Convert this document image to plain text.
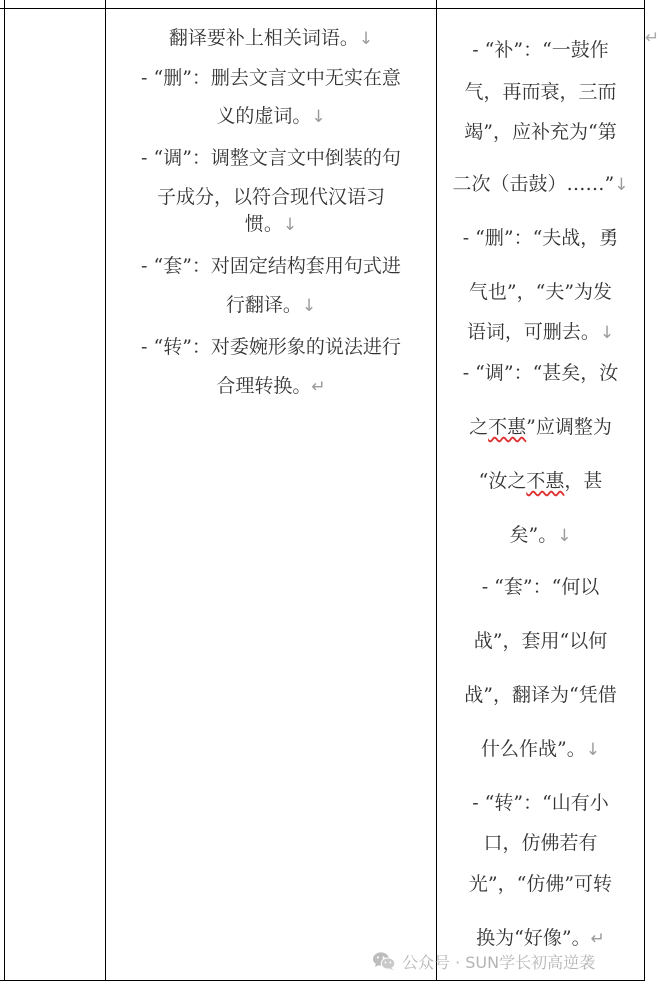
↵
翻译要补上相关词语。↓
- “删”：删去文言文中无实在意
义的虚词。↓
- “调”：调整文言文中倒装的句
子成分，以符合现代汉语习
惯。↓
- “套”：对固定结构套用句式进
行翻译。↓
- “转”：对委婉形象的说法进行
合理转换。↵
- “补”：“一鼓作
气，再而衰，三而
竭”，应补充为“第
二次（击鼓）……”↓
- “删”：“夫战，勇
气也”，“夫”为发
语词，可删去。↓
- “调”：“甚矣，汝
之不惠”应调整为
“汝之不惠，甚
矣”。↓
- “套”：“何以
战”，套用“以何
战”，翻译为“凭借
什么作战”。↓
- “转”：“山有小
口，仿佛若有
光”，“仿佛”可转
换为“好像”。↵
公众号 · SUN学长初高逆袭
